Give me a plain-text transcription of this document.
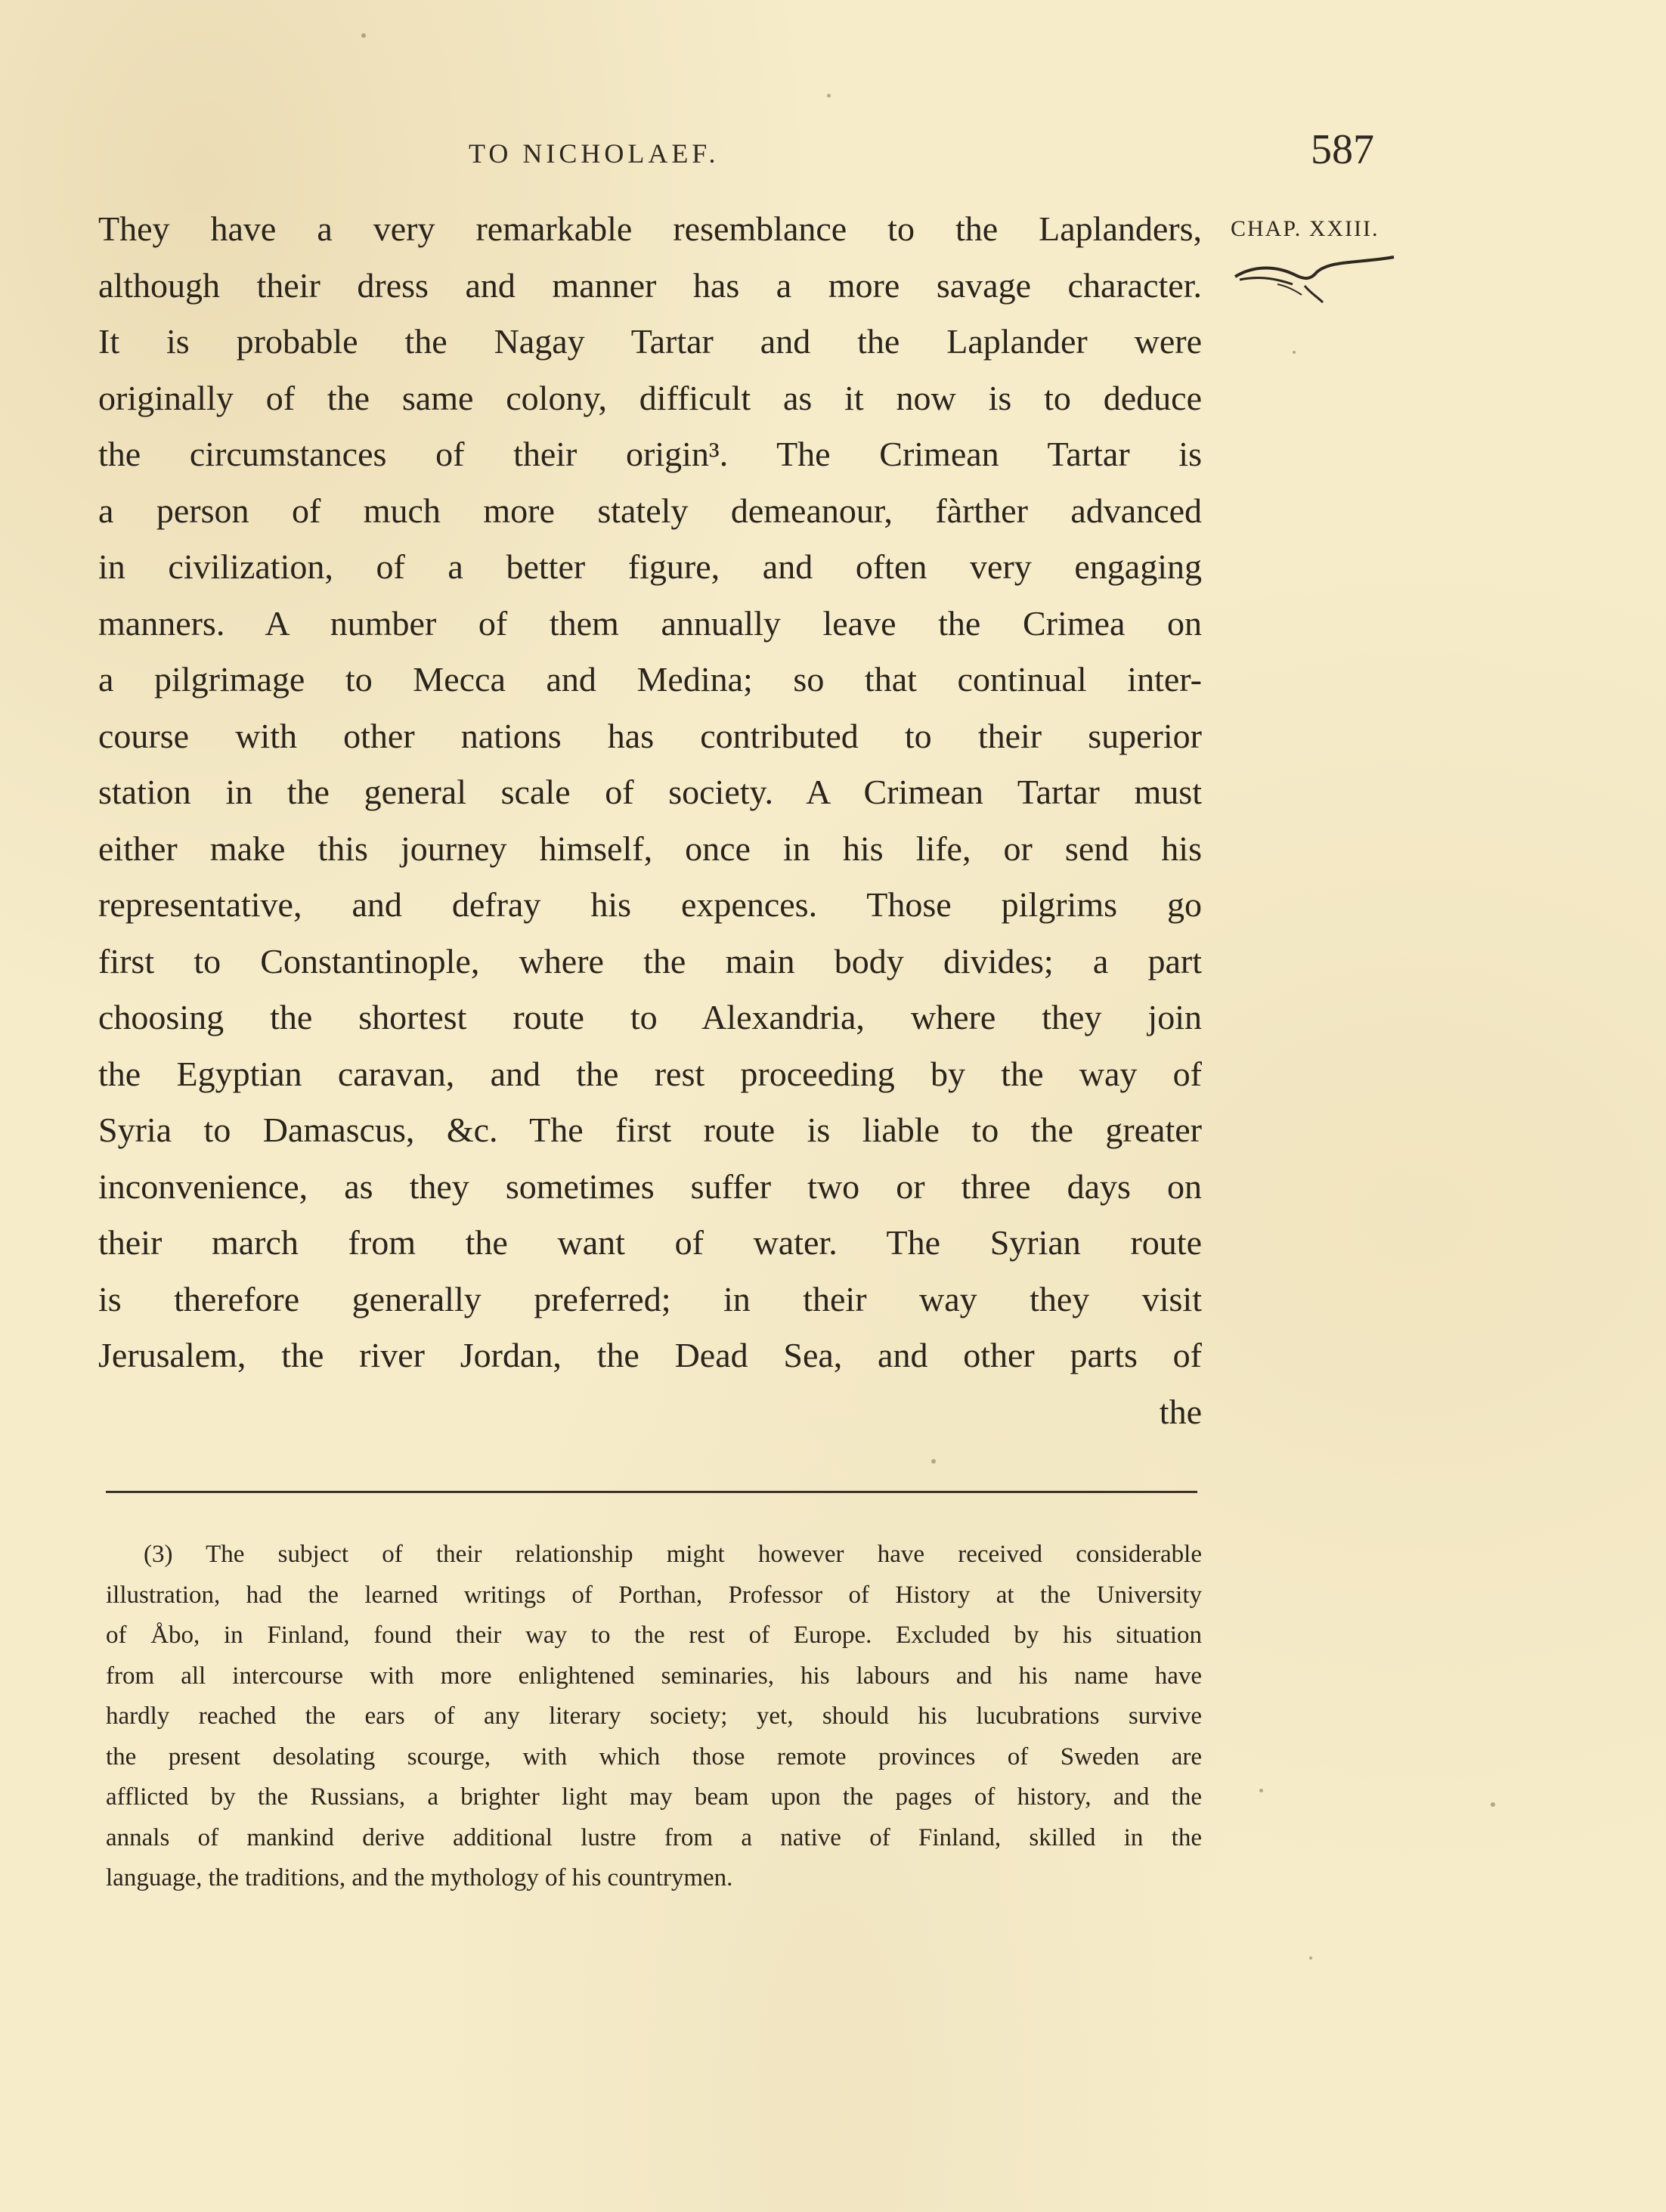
TO NICHOLAEF.	587
CHAP. XXIII.
They have a very remarkable resemblance to the Laplanders,
although their dress and manner has a more savage character.
It is probable the Nagay Tartar and the Laplander were
originally of the same colony, difficult as it now is to deduce
the circumstances of their origin³. The Crimean Tartar is
a person of much more stately demeanour, fàrther advanced
in civilization, of a better figure, and often very engaging
manners. A number of them annually leave the Crimea on
a pilgrimage to Mecca and Medina; so that continual inter-
course with other nations has contributed to their superior
station in the general scale of society. A Crimean Tartar must
either make this journey himself, once in his life, or send his
representative, and defray his expences. Those pilgrims go
first to Constantinople, where the main body divides; a part
choosing the shortest route to Alexandria, where they join
the Egyptian caravan, and the rest proceeding by the way of
Syria to Damascus, &c. The first route is liable to the greater
inconvenience, as they sometimes suffer two or three days on
their march from the want of water. The Syrian route
is therefore generally preferred; in their way they visit
Jerusalem, the river Jordan, the Dead Sea, and other parts of
the
(3) The subject of their relationship might however have received considerable
illustration, had the learned writings of Porthan, Professor of History at the University
of Åbo, in Finland, found their way to the rest of Europe. Excluded by his situation
from all intercourse with more enlightened seminaries, his labours and his name have
hardly reached the ears of any literary society; yet, should his lucubrations survive
the present desolating scourge, with which those remote provinces of Sweden are
afflicted by the Russians, a brighter light may beam upon the pages of history, and the
annals of mankind derive additional lustre from a native of Finland, skilled in the
language, the traditions, and the mythology of his countrymen.
